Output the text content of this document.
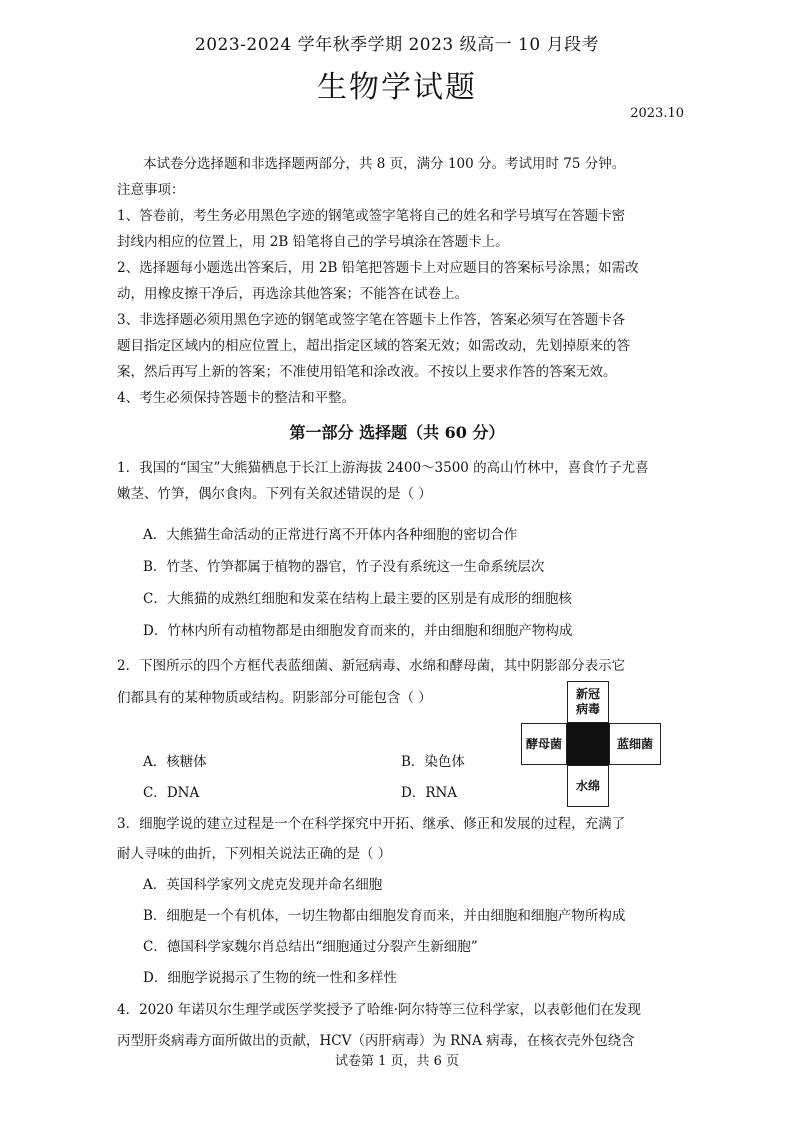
2023-2024 学年秋季学期 2023 级高一 10 月段考
生物学试题
2023.10
本试卷分选择题和非选择题两部分，共 8 页，满分 100 分。考试用时 75 分钟。
注意事项：
1、答卷前，考生务必用黑色字迹的钢笔或签字笔将自己的姓名和学号填写在答题卡密
封线内相应的位置上，用 2B 铅笔将自己的学号填涂在答题卡上。
2、选择题每小题选出答案后，用 2B 铅笔把答题卡上对应题目的答案标号涂黑；如需改
动，用橡皮擦干净后，再选涂其他答案；不能答在试卷上。
3、非选择题必须用黑色字迹的钢笔或签字笔在答题卡上作答，答案必须写在答题卡各
题目指定区域内的相应位置上，超出指定区域的答案无效；如需改动，先划掉原来的答
案，然后再写上新的答案；不准使用铅笔和涂改液。不按以上要求作答的答案无效。
4、考生必须保持答题卡的整洁和平整。
第一部分 选择题（共 60 分）
1．我国的“国宝”大熊猫栖息于长江上游海拔 2400～3500 的高山竹林中，喜食竹子尤喜
嫩茎、竹笋，偶尔食肉。下列有关叙述错误的是（ ）
A．大熊猫生命活动的正常进行离不开体内各种细胞的密切合作
B．竹茎、竹笋都属于植物的器官，竹子没有系统这一生命系统层次
C．大熊猫的成熟红细胞和发菜在结构上最主要的区别是有成形的细胞核
D．竹林内所有动植物都是由细胞发育而来的，并由细胞和细胞产物构成
2．下图所示的四个方框代表蓝细菌、新冠病毒、水绵和酵母菌，其中阴影部分表示它
们都具有的某种物质或结构。阴影部分可能包含（ ）
A．核糖体	B．染色体
C．DNA	D．RNA
新冠
病毒
酵母菌	蓝细菌
水绵
3．细胞学说的建立过程是一个在科学探究中开拓、继承、修正和发展的过程，充满了
耐人寻味的曲折，下列相关说法正确的是（ ）
A．英国科学家列文虎克发现并命名细胞
B．细胞是一个有机体，一切生物都由细胞发育而来，并由细胞和细胞产物所构成
C．德国科学家魏尔肖总结出“细胞通过分裂产生新细胞”
D．细胞学说揭示了生物的统一性和多样性
4．2020 年诺贝尔生理学或医学奖授予了哈维·阿尔特等三位科学家，以表彰他们在发现
丙型肝炎病毒方面所做出的贡献，HCV（丙肝病毒）为 RNA 病毒，在核衣壳外包绕含
试卷第 1 页，共 6 页
